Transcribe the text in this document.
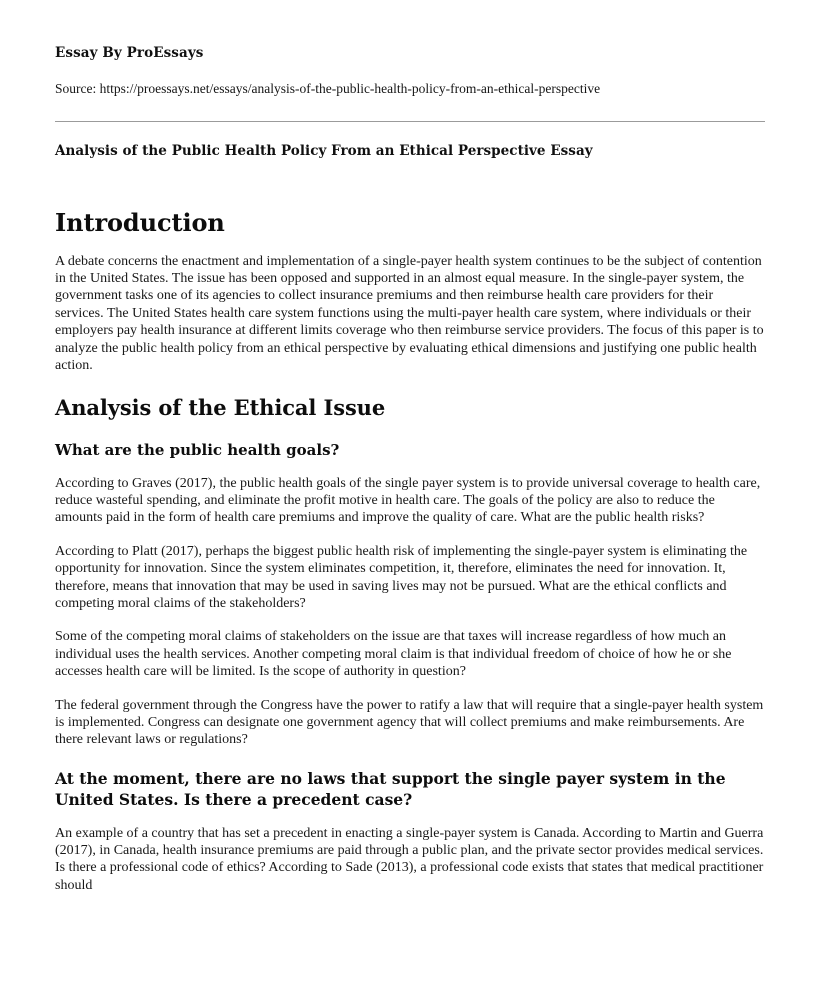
Essay By ProEssays
Source: https://proessays.net/essays/analysis-of-the-public-health-policy-from-an-ethical-perspective
Analysis of the Public Health Policy From an Ethical Perspective Essay
Introduction

A debate concerns the enactment and implementation of a single-payer health system continues to be the subject of contention in the United States. The issue has been opposed and supported in an almost equal measure. In the single-payer system, the government tasks one of its agencies to collect insurance premiums and then reimburse health care providers for their services. The United States health care system functions using the multi-payer health care system, where individuals or their employers pay health insurance at different limits coverage who then reimburse service providers. The focus of this paper is to analyze the public health policy from an ethical perspective by evaluating ethical dimensions and justifying one public health action.

Analysis of the Ethical Issue
What are the public health goals?

According to Graves (2017), the public health goals of the single payer system is to provide universal coverage to health care, reduce wasteful spending, and eliminate the profit motive in health care. The goals of the policy are also to reduce the amounts paid in the form of health care premiums and improve the quality of care. What are the public health risks?

According to Platt (2017), perhaps the biggest public health risk of implementing the single-payer system is eliminating the opportunity for innovation. Since the system eliminates competition, it, therefore, eliminates the need for innovation. It, therefore, means that innovation that may be used in saving lives may not be pursued. What are the ethical conflicts and competing moral claims of the stakeholders?

Some of the competing moral claims of stakeholders on the issue are that taxes will increase regardless of how much an individual uses the health services. Another competing moral claim is that individual freedom of choice of how he or she accesses health care will be limited. Is the scope of authority in question?

The federal government through the Congress have the power to ratify a law that will require that a single-payer health system is implemented. Congress can designate one government agency that will collect premiums and make reimbursements. Are there relevant laws or regulations?

At the moment, there are no laws that support the single payer system in the United States. Is there a precedent case?

An example of a country that has set a precedent in enacting a single-payer system is Canada. According to Martin and Guerra (2017), in Canada, health insurance premiums are paid through a public plan, and the private sector provides medical services. Is there a professional code of ethics? According to Sade (2013), a professional code exists that states that medical practitioner should
